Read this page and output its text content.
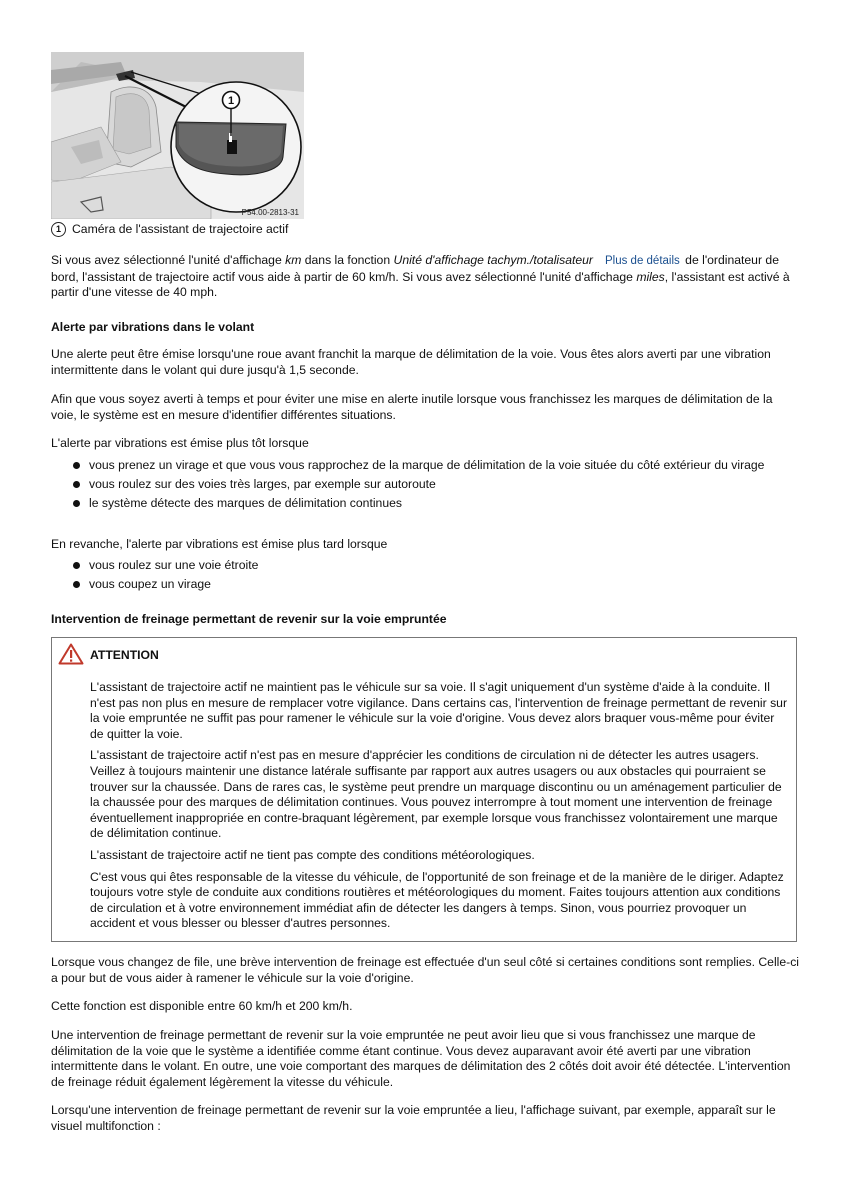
1
P54.00-2813-31
1 Caméra de l'assistant de trajectoire actif

Si vous avez sélectionné l'unité d'affichage km dans la fonction Unité d'affichage tachym./totalisateur Plus de détails de l'ordinateur de bord, l'assistant de trajectoire actif vous aide à partir de 60 km/h. Si vous avez sélectionné l'unité d'affichage miles, l'assistant est activé à partir d'une vitesse de 40 mph.

Alerte par vibrations dans le volant

Une alerte peut être émise lorsqu'une roue avant franchit la marque de délimitation de la voie. Vous êtes alors averti par une vibration intermittente dans le volant qui dure jusqu'à 1,5 seconde.

Afin que vous soyez averti à temps et pour éviter une mise en alerte inutile lorsque vous franchissez les marques de délimitation de la voie, le système est en mesure d'identifier différentes situations.

L'alerte par vibrations est émise plus tôt lorsque

vous prenez un virage et que vous vous rapprochez de la marque de délimitation de la voie située du côté extérieur du virage
vous roulez sur des voies très larges, par exemple sur autoroute
le système détecte des marques de délimitation continues

En revanche, l'alerte par vibrations est émise plus tard lorsque

vous roulez sur une voie étroite
vous coupez un virage

Intervention de freinage permettant de revenir sur la voie empruntée

ATTENTION

L'assistant de trajectoire actif ne maintient pas le véhicule sur sa voie. Il s'agit uniquement d'un système d'aide à la conduite. Il n'est pas non plus en mesure de remplacer votre vigilance. Dans certains cas, l'intervention de freinage permettant de revenir sur la voie empruntée ne suffit pas pour ramener le véhicule sur la voie d'origine. Vous devez alors braquer vous-même pour éviter de quitter la voie.

L'assistant de trajectoire actif n'est pas en mesure d'apprécier les conditions de circulation ni de détecter les autres usagers. Veillez à toujours maintenir une distance latérale suffisante par rapport aux autres usagers ou aux obstacles qui pourraient se trouver sur la chaussée. Dans de rares cas, le système peut prendre un marquage discontinu ou un aménagement particulier de la chaussée pour des marques de délimitation continues. Vous pouvez interrompre à tout moment une intervention de freinage éventuellement inappropriée en contre-braquant légèrement, par exemple lorsque vous franchissez volontairement une marque de délimitation continue.

L'assistant de trajectoire actif ne tient pas compte des conditions météorologiques.

C'est vous qui êtes responsable de la vitesse du véhicule, de l'opportunité de son freinage et de la manière de le diriger. Adaptez toujours votre style de conduite aux conditions routières et météorologiques du moment. Faites toujours attention aux conditions de circulation et à votre environnement immédiat afin de détecter les dangers à temps. Sinon, vous pourriez provoquer un accident et vous blesser ou blesser d'autres personnes.

Lorsque vous changez de file, une brève intervention de freinage est effectuée d'un seul côté si certaines conditions sont remplies. Celle-ci a pour but de vous aider à ramener le véhicule sur la voie d'origine.

Cette fonction est disponible entre 60 km/h et 200 km/h.

Une intervention de freinage permettant de revenir sur la voie empruntée ne peut avoir lieu que si vous franchissez une marque de délimitation de la voie que le système a identifiée comme étant continue. Vous devez auparavant avoir été averti par une vibration intermittente dans le volant. En outre, une voie comportant des marques de délimitation des 2 côtés doit avoir été détectée. L'intervention de freinage réduit également légèrement la vitesse du véhicule.

Lorsqu'une intervention de freinage permettant de revenir sur la voie empruntée a lieu, l'affichage suivant, par exemple, apparaît sur le visuel multifonction :
